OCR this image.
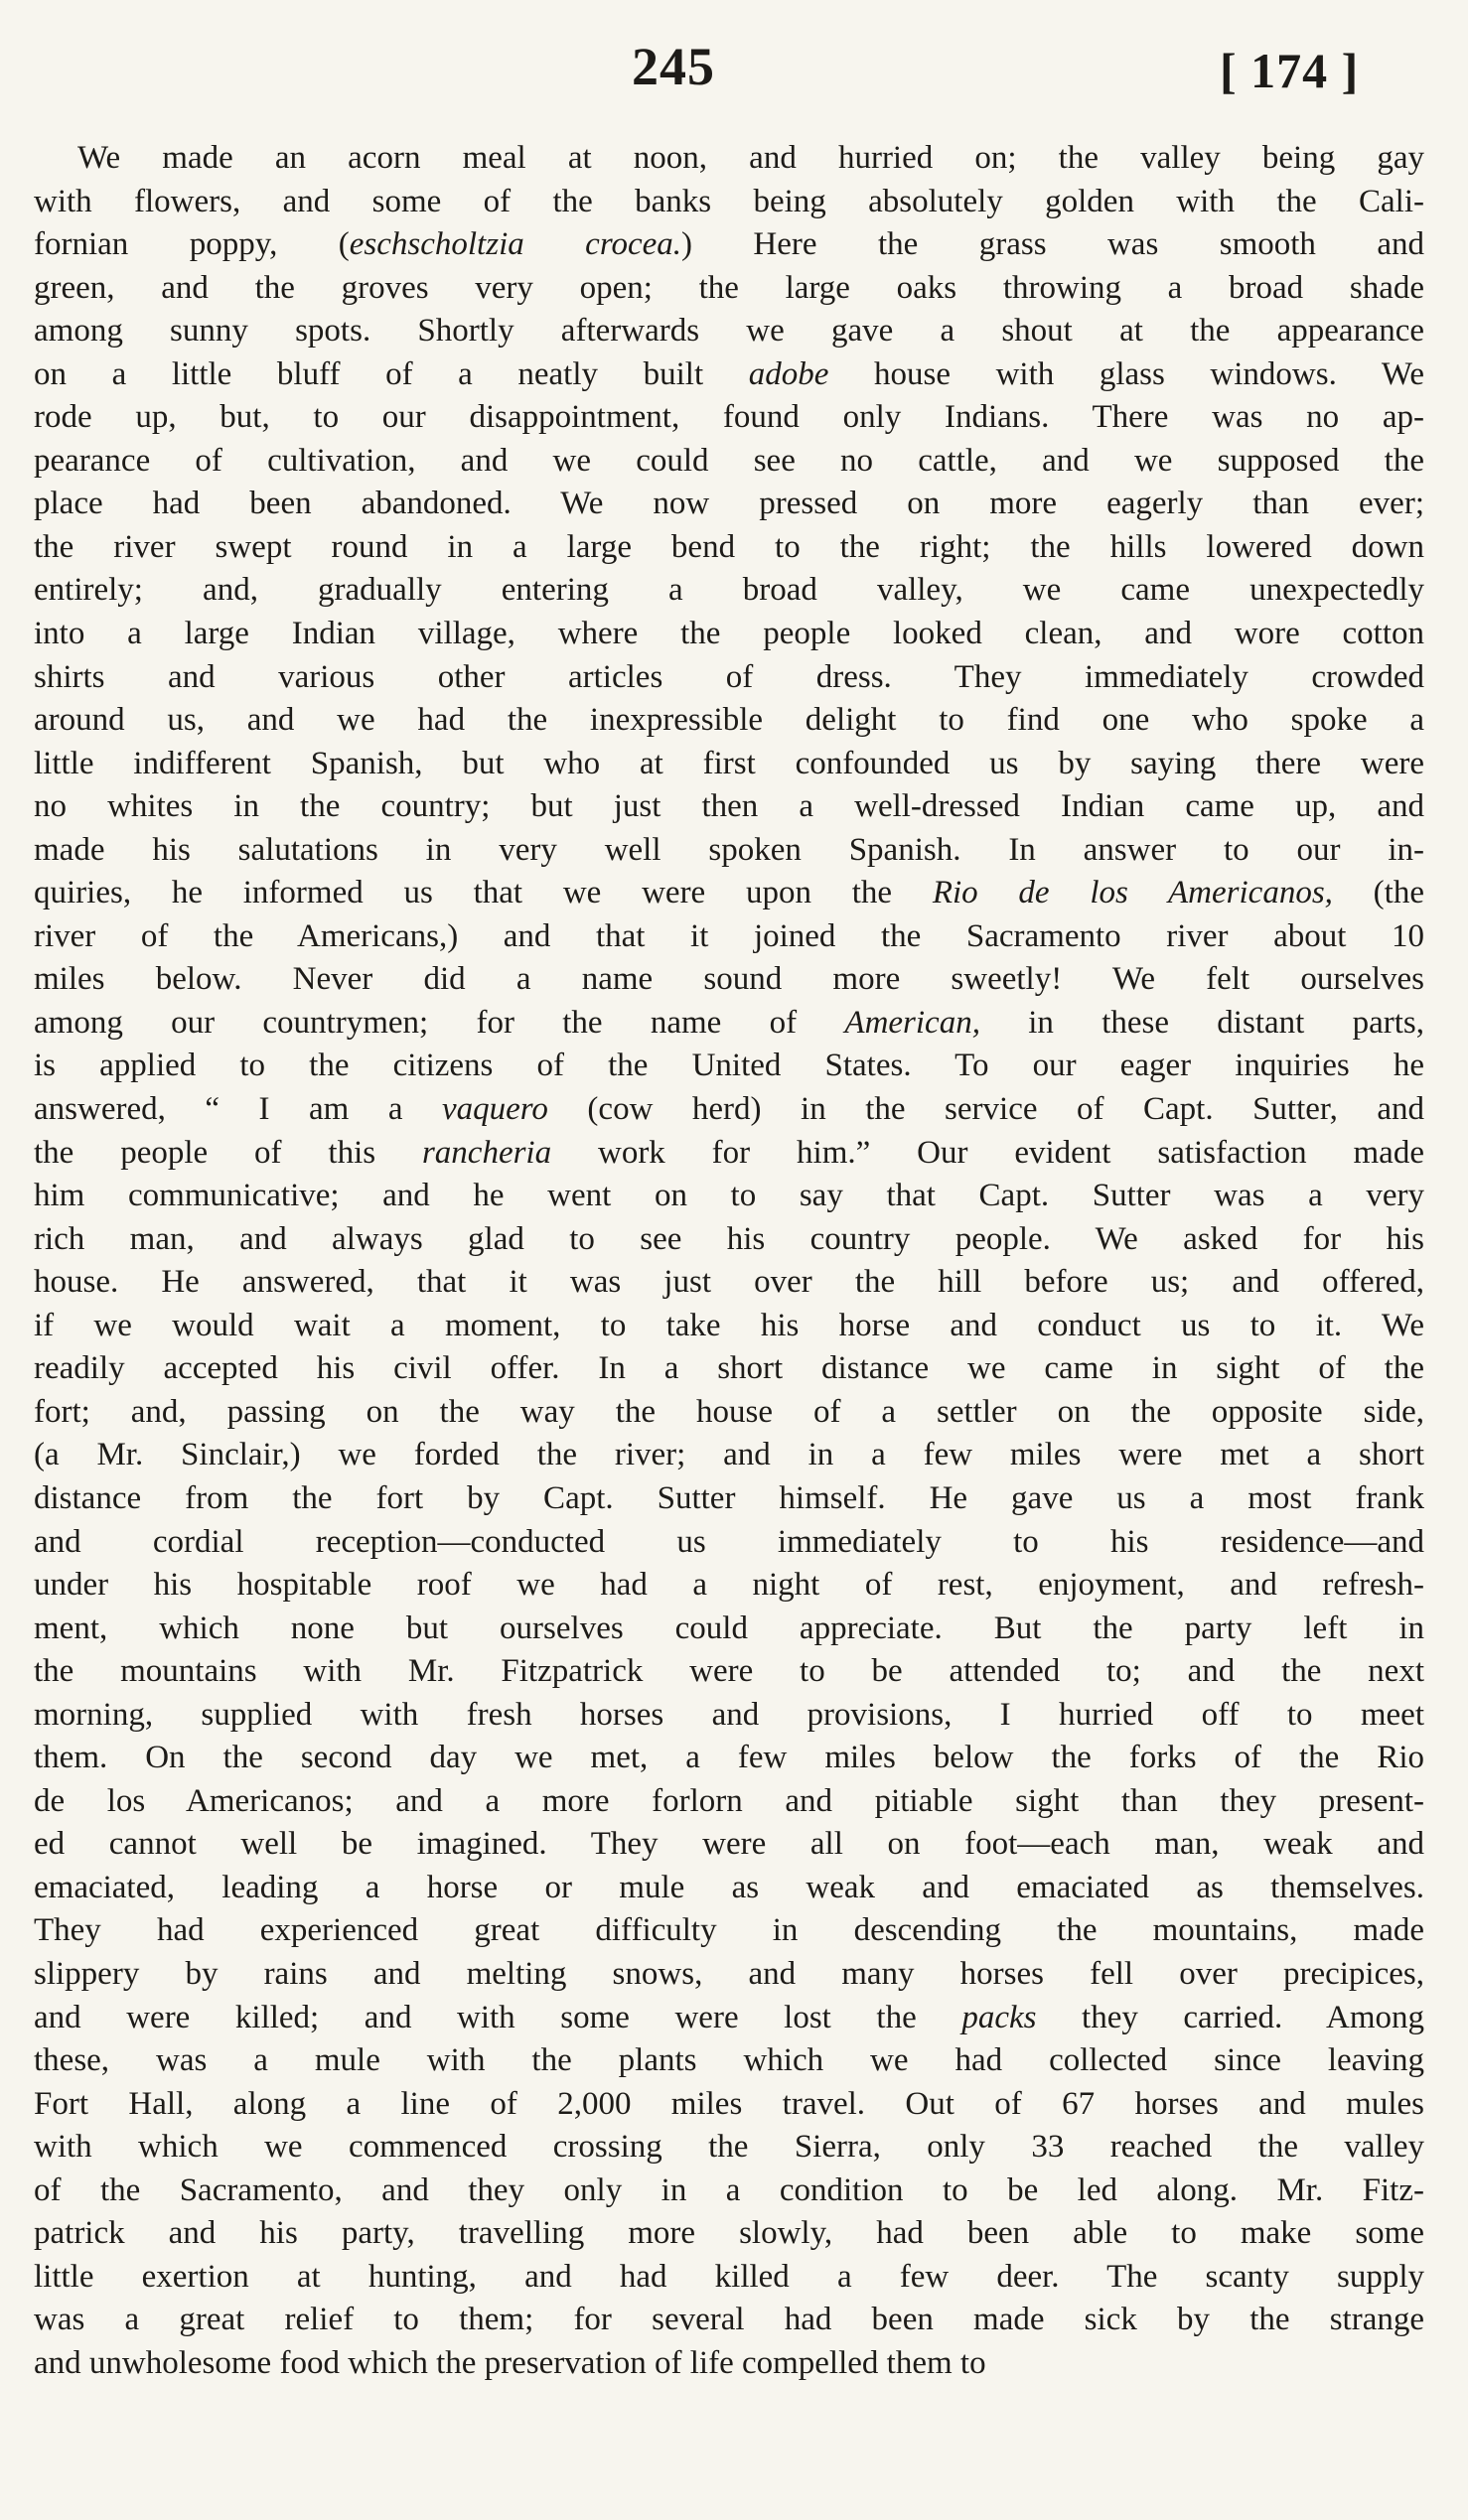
245	[ 174 ]
We made an acorn meal at noon, and hurried on; the valley being gay
with flowers, and some of the banks being absolutely golden with the Cali-
fornian poppy, (eschscholtzia crocea.) Here the grass was smooth and
green, and the groves very open; the large oaks throwing a broad shade
among sunny spots. Shortly afterwards we gave a shout at the appearance
on a little bluff of a neatly built adobe house with glass windows. We
rode up, but, to our disappointment, found only Indians. There was no ap-
pearance of cultivation, and we could see no cattle, and we supposed the
place had been abandoned. We now pressed on more eagerly than ever;
the river swept round in a large bend to the right; the hills lowered down
entirely; and, gradually entering a broad valley, we came unexpectedly
into a large Indian village, where the people looked clean, and wore cotton
shirts and various other articles of dress. They immediately crowded
around us, and we had the inexpressible delight to find one who spoke a
little indifferent Spanish, but who at first confounded us by saying there were
no whites in the country; but just then a well-dressed Indian came up, and
made his salutations in very well spoken Spanish. In answer to our in-
quiries, he informed us that we were upon the Rio de los Americanos, (the
river of the Americans,) and that it joined the Sacramento river about 10
miles below. Never did a name sound more sweetly! We felt ourselves
among our countrymen; for the name of American, in these distant parts,
is applied to the citizens of the United States. To our eager inquiries he
answered, “ I am a vaquero (cow herd) in the service of Capt. Sutter, and
the people of this rancheria work for him.” Our evident satisfaction made
him communicative; and he went on to say that Capt. Sutter was a very
rich man, and always glad to see his country people. We asked for his
house. He answered, that it was just over the hill before us; and offered,
if we would wait a moment, to take his horse and conduct us to it. We
readily accepted his civil offer. In a short distance we came in sight of the
fort; and, passing on the way the house of a settler on the opposite side,
(a Mr. Sinclair,) we forded the river; and in a few miles were met a short
distance from the fort by Capt. Sutter himself. He gave us a most frank
and cordial reception—conducted us immediately to his residence—and
under his hospitable roof we had a night of rest, enjoyment, and refresh-
ment, which none but ourselves could appreciate. But the party left in
the mountains with Mr. Fitzpatrick were to be attended to; and the next
morning, supplied with fresh horses and provisions, I hurried off to meet
them. On the second day we met, a few miles below the forks of the Rio
de los Americanos; and a more forlorn and pitiable sight than they present-
ed cannot well be imagined. They were all on foot—each man, weak and
emaciated, leading a horse or mule as weak and emaciated as themselves.
They had experienced great difficulty in descending the mountains, made
slippery by rains and melting snows, and many horses fell over precipices,
and were killed; and with some were lost the packs they carried. Among
these, was a mule with the plants which we had collected since leaving
Fort Hall, along a line of 2,000 miles travel. Out of 67 horses and mules
with which we commenced crossing the Sierra, only 33 reached the valley
of the Sacramento, and they only in a condition to be led along. Mr. Fitz-
patrick and his party, travelling more slowly, had been able to make some
little exertion at hunting, and had killed a few deer. The scanty supply
was a great relief to them; for several had been made sick by the strange
and unwholesome food which the preservation of life compelled them to
